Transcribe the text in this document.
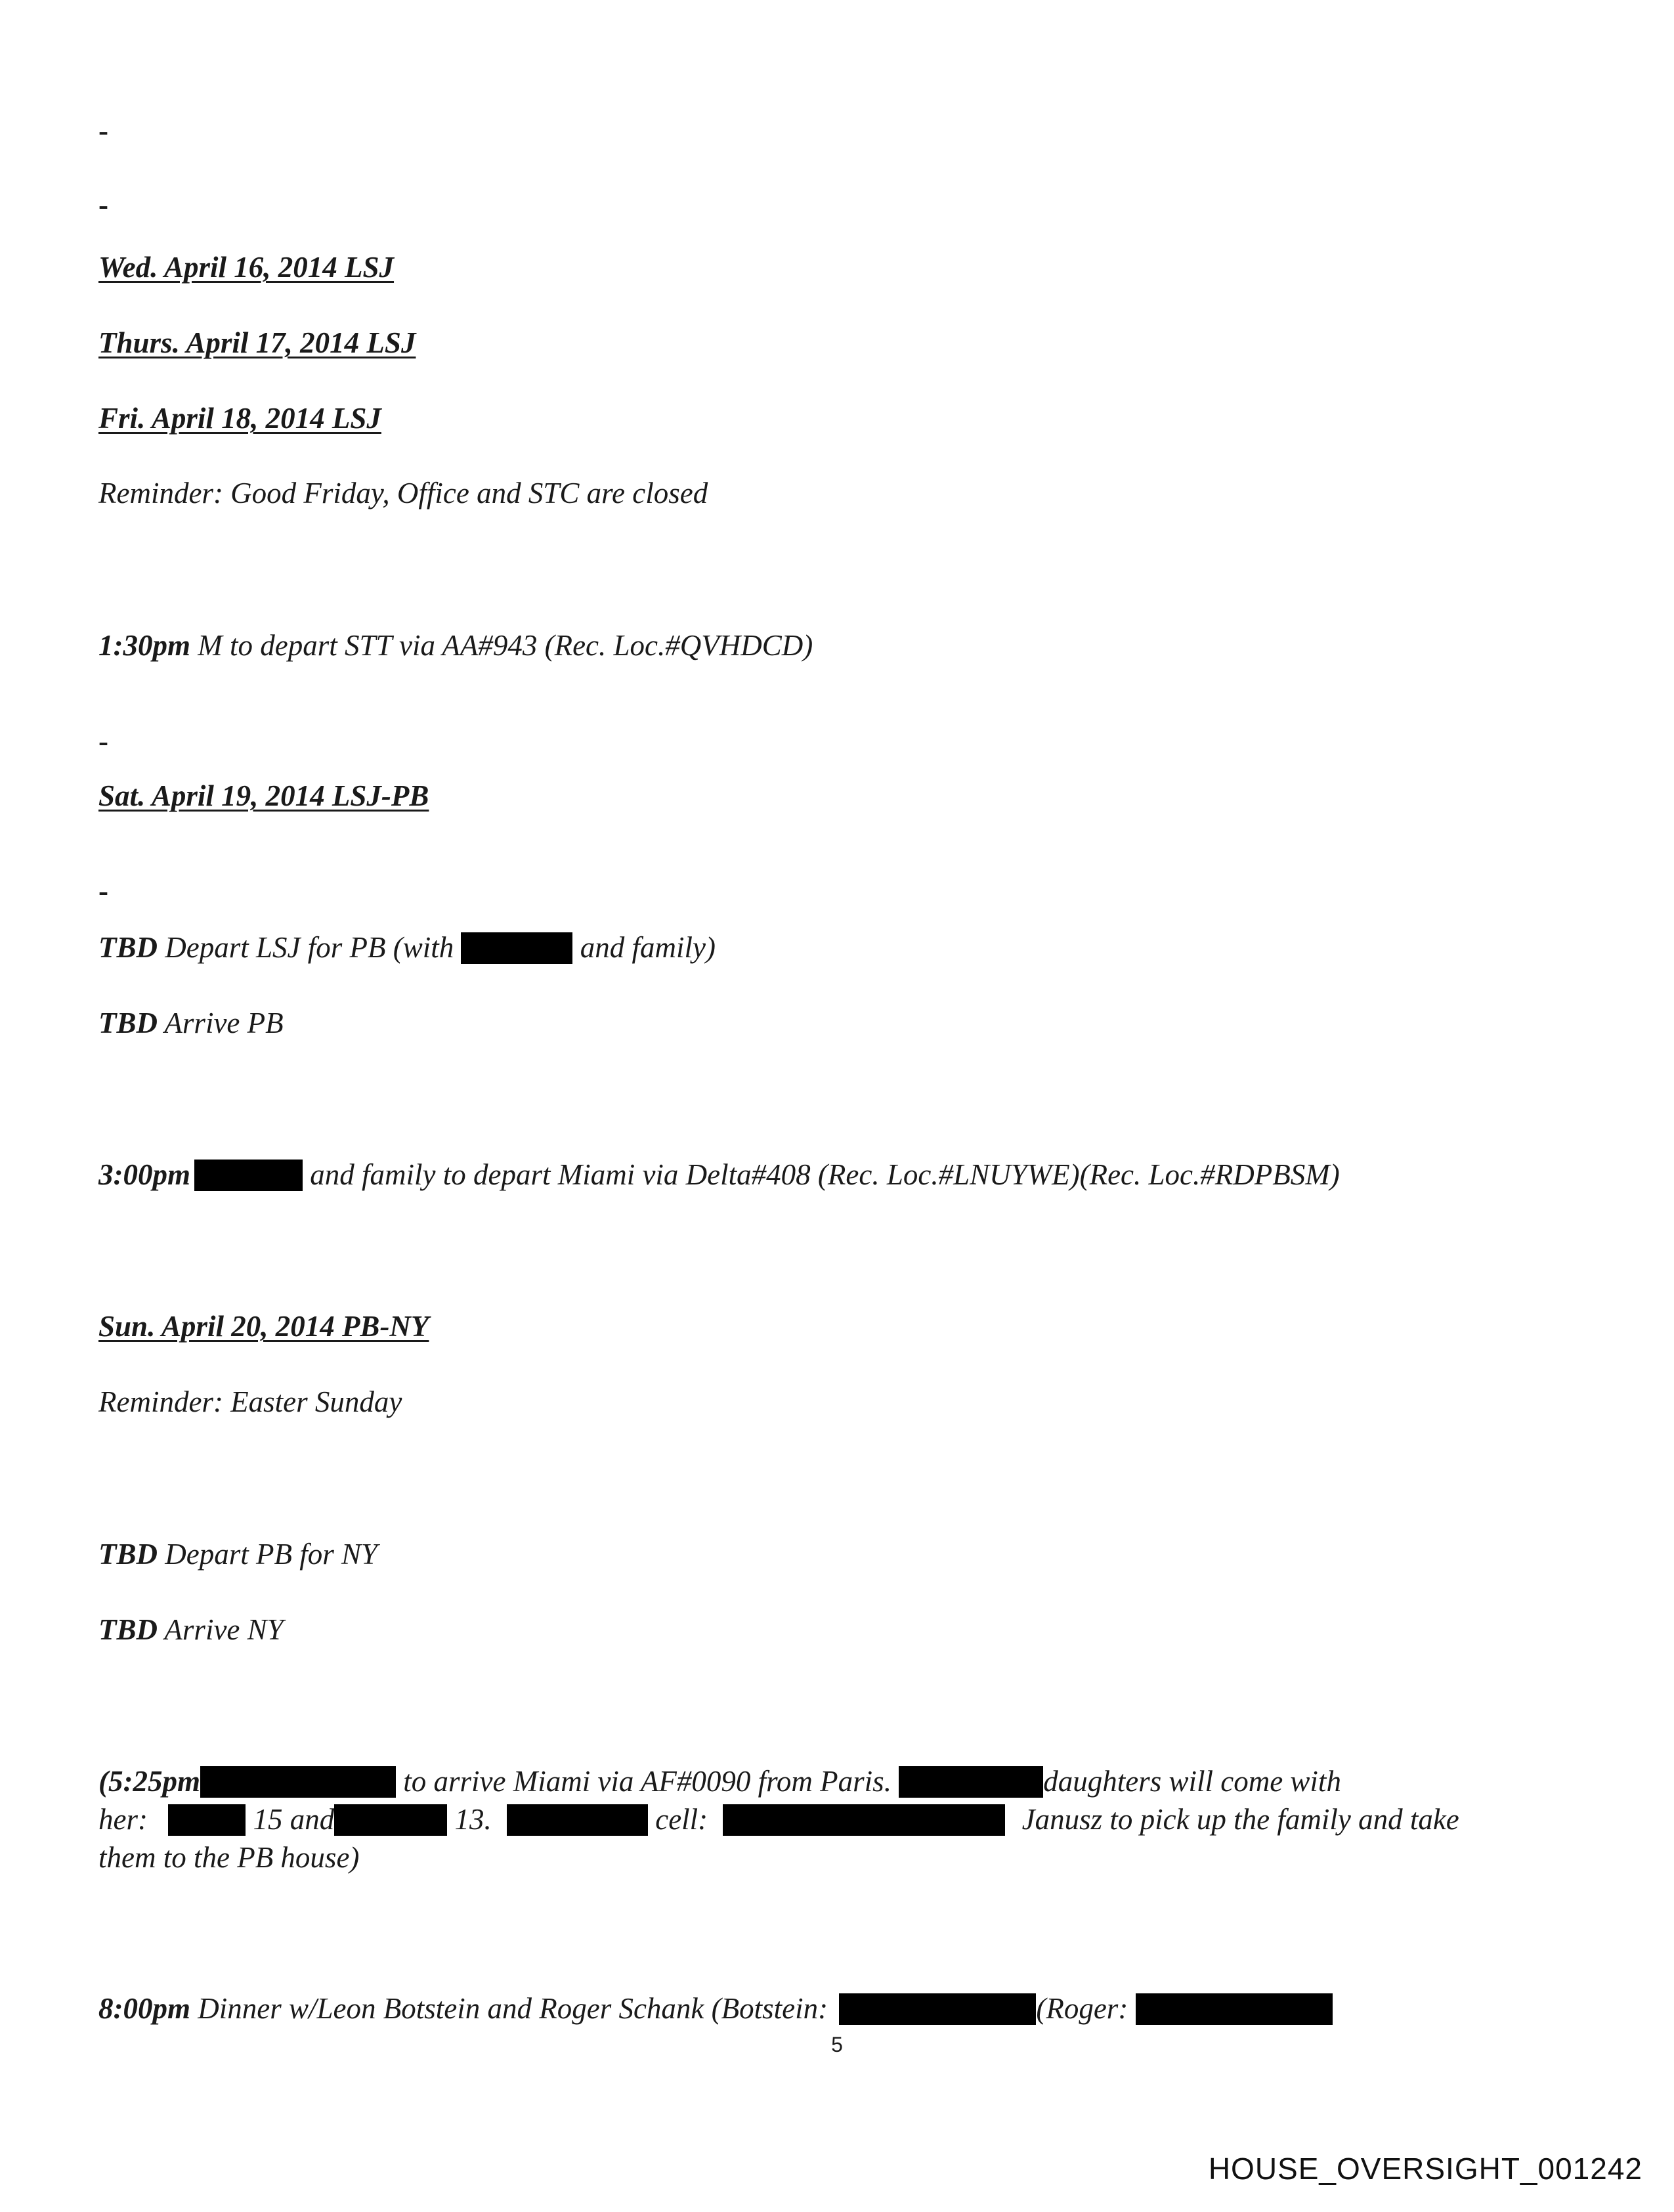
-
-
Wed. April 16, 2014 LSJ
Thurs. April 17, 2014 LSJ
Fri. April 18, 2014 LSJ
Reminder: Good Friday, Office and STC are closed
1:30pm M to depart STT via AA#943 (Rec. Loc.#QVHDCD)
-
Sat. April 19, 2014 LSJ-PB
-
TBD Depart LSJ for PB (with	and family)
TBD Arrive PB
3:00pm	and family to depart Miami via Delta#408 (Rec. Loc.#LNUYWE)(Rec. Loc.#RDPBSM)
Sun. April 20, 2014 PB-NY
Reminder: Easter Sunday
TBD Depart PB for NY
TBD Arrive NY
(5:25pm	to arrive Miami via AF#0090 from Paris.	daughters will come with
her:	15 and	13.	cell:	Janusz to pick up the family and take
them to the PB house)
8:00pm Dinner w/Leon Botstein and Roger Schank (Botstein:	(Roger:
5
HOUSE_OVERSIGHT_001242
